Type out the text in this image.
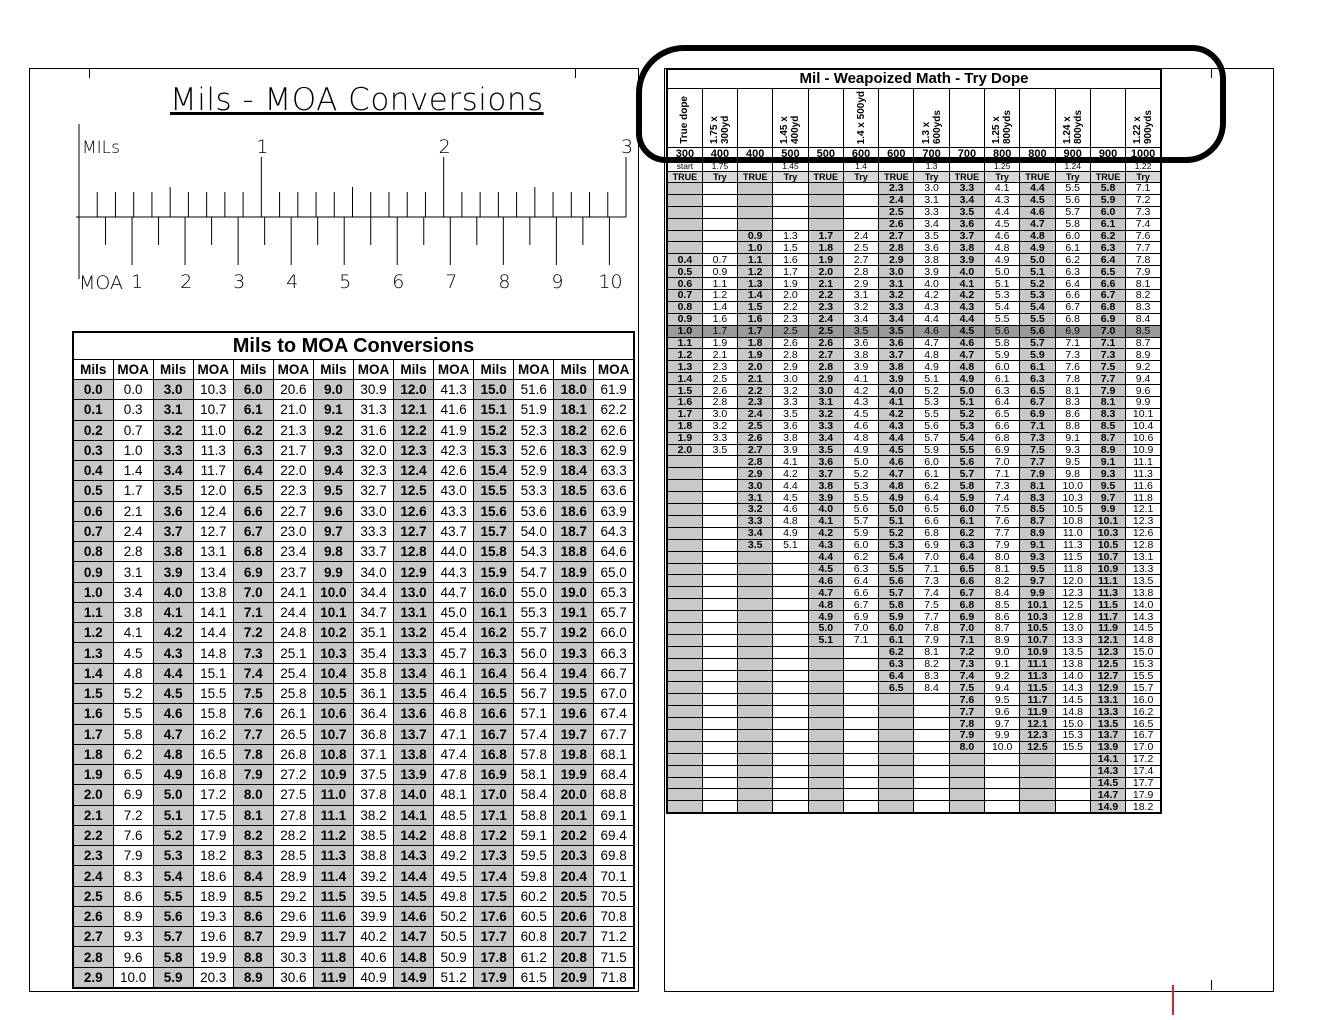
Mils - MOA Conversions
MILs
MOA
1	2	3
1 2 3 4 5 6 7 8 9 10
Mils to MOA Conversions													
Mils	MOA	Mils	MOA	Mils	MOA	Mils	MOA	Mils	MOA	Mils	MOA	Mils	MOA
0.0	0.0	3.0	10.3	6.0	20.6	9.0	30.9	12.0	41.3	15.0	51.6	18.0	61.9
0.1	0.3	3.1	10.7	6.1	21.0	9.1	31.3	12.1	41.6	15.1	51.9	18.1	62.2
0.2	0.7	3.2	11.0	6.2	21.3	9.2	31.6	12.2	41.9	15.2	52.3	18.2	62.6
0.3	1.0	3.3	11.3	6.3	21.7	9.3	32.0	12.3	42.3	15.3	52.6	18.3	62.9
0.4	1.4	3.4	11.7	6.4	22.0	9.4	32.3	12.4	42.6	15.4	52.9	18.4	63.3
0.5	1.7	3.5	12.0	6.5	22.3	9.5	32.7	12.5	43.0	15.5	53.3	18.5	63.6
0.6	2.1	3.6	12.4	6.6	22.7	9.6	33.0	12.6	43.3	15.6	53.6	18.6	63.9
0.7	2.4	3.7	12.7	6.7	23.0	9.7	33.3	12.7	43.7	15.7	54.0	18.7	64.3
0.8	2.8	3.8	13.1	6.8	23.4	9.8	33.7	12.8	44.0	15.8	54.3	18.8	64.6
0.9	3.1	3.9	13.4	6.9	23.7	9.9	34.0	12.9	44.3	15.9	54.7	18.9	65.0
1.0	3.4	4.0	13.8	7.0	24.1	10.0	34.4	13.0	44.7	16.0	55.0	19.0	65.3
1.1	3.8	4.1	14.1	7.1	24.4	10.1	34.7	13.1	45.0	16.1	55.3	19.1	65.7
1.2	4.1	4.2	14.4	7.2	24.8	10.2	35.1	13.2	45.4	16.2	55.7	19.2	66.0
1.3	4.5	4.3	14.8	7.3	25.1	10.3	35.4	13.3	45.7	16.3	56.0	19.3	66.3
1.4	4.8	4.4	15.1	7.4	25.4	10.4	35.8	13.4	46.1	16.4	56.4	19.4	66.7
1.5	5.2	4.5	15.5	7.5	25.8	10.5	36.1	13.5	46.4	16.5	56.7	19.5	67.0
1.6	5.5	4.6	15.8	7.6	26.1	10.6	36.4	13.6	46.8	16.6	57.1	19.6	67.4
1.7	5.8	4.7	16.2	7.7	26.5	10.7	36.8	13.7	47.1	16.7	57.4	19.7	67.7
1.8	6.2	4.8	16.5	7.8	26.8	10.8	37.1	13.8	47.4	16.8	57.8	19.8	68.1
1.9	6.5	4.9	16.8	7.9	27.2	10.9	37.5	13.9	47.8	16.9	58.1	19.9	68.4
2.0	6.9	5.0	17.2	8.0	27.5	11.0	37.8	14.0	48.1	17.0	58.4	20.0	68.8
2.1	7.2	5.1	17.5	8.1	27.8	11.1	38.2	14.1	48.5	17.1	58.8	20.1	69.1
2.2	7.6	5.2	17.9	8.2	28.2	11.2	38.5	14.2	48.8	17.2	59.1	20.2	69.4
2.3	7.9	5.3	18.2	8.3	28.5	11.3	38.8	14.3	49.2	17.3	59.5	20.3	69.8
2.4	8.3	5.4	18.6	8.4	28.9	11.4	39.2	14.4	49.5	17.4	59.8	20.4	70.1
2.5	8.6	5.5	18.9	8.5	29.2	11.5	39.5	14.5	49.8	17.5	60.2	20.5	70.5
2.6	8.9	5.6	19.3	8.6	29.6	11.6	39.9	14.6	50.2	17.6	60.5	20.6	70.8
2.7	9.3	5.7	19.6	8.7	29.9	11.7	40.2	14.7	50.5	17.7	60.8	20.7	71.2
2.8	9.6	5.8	19.9	8.8	30.3	11.8	40.6	14.8	50.9	17.8	61.2	20.8	71.5
2.9	10.0	5.9	20.3	8.9	30.6	11.9	40.9	14.9	51.2	17.9	61.5	20.9	71.8
Mil - Weapoized Math - Try Dope													
True dope	1.75 x 300yd		1.45 x 400yd		1.4 x 500yd		1.3 x 600yds		1.25 x 800yds		1.24 x 800yds		1.22 x 900yds
300	400	400	500	500	600	600	700	700	800	800	900	900	1000
start	1.75		1.45		1.4		1.3		1.25		1.24		1.22
TRUE	Try	TRUE	Try	TRUE	Try	TRUE	Try	TRUE	Try	TRUE	Try	TRUE	Try
						2.3	3.0	3.3	4.1	4.4	5.5	5.8	7.1
						2.4	3.1	3.4	4.3	4.5	5.6	5.9	7.2
						2.5	3.3	3.5	4.4	4.6	5.7	6.0	7.3
						2.6	3.4	3.6	4.5	4.7	5.8	6.1	7.4
		0.9	1.3	1.7	2.4	2.7	3.5	3.7	4.6	4.8	6.0	6.2	7.6
		1.0	1.5	1.8	2.5	2.8	3.6	3.8	4.8	4.9	6.1	6.3	7.7
0.4	0.7	1.1	1.6	1.9	2.7	2.9	3.8	3.9	4.9	5.0	6.2	6.4	7.8
0.5	0.9	1.2	1.7	2.0	2.8	3.0	3.9	4.0	5.0	5.1	6.3	6.5	7.9
0.6	1.1	1.3	1.9	2.1	2.9	3.1	4.0	4.1	5.1	5.2	6.4	6.6	8.1
0.7	1.2	1.4	2.0	2.2	3.1	3.2	4.2	4.2	5.3	5.3	6.6	6.7	8.2
0.8	1.4	1.5	2.2	2.3	3.2	3.3	4.3	4.3	5.4	5.4	6.7	6.8	8.3
0.9	1.6	1.6	2.3	2.4	3.4	3.4	4.4	4.4	5.5	5.5	6.8	6.9	8.4
1.0	1.7	1.7	2.5	2.5	3.5	3.5	4.6	4.5	5.6	5.6	6.9	7.0	8.5
1.1	1.9	1.8	2.6	2.6	3.6	3.6	4.7	4.6	5.8	5.7	7.1	7.1	8.7
1.2	2.1	1.9	2.8	2.7	3.8	3.7	4.8	4.7	5.9	5.9	7.3	7.3	8.9
1.3	2.3	2.0	2.9	2.8	3.9	3.8	4.9	4.8	6.0	6.1	7.6	7.5	9.2
1.4	2.5	2.1	3.0	2.9	4.1	3.9	5.1	4.9	6.1	6.3	7.8	7.7	9.4
1.5	2.6	2.2	3.2	3.0	4.2	4.0	5.2	5.0	6.3	6.5	8.1	7.9	9.6
1.6	2.8	2.3	3.3	3.1	4.3	4.1	5.3	5.1	6.4	6.7	8.3	8.1	9.9
1.7	3.0	2.4	3.5	3.2	4.5	4.2	5.5	5.2	6.5	6.9	8.6	8.3	10.1
1.8	3.2	2.5	3.6	3.3	4.6	4.3	5.6	5.3	6.6	7.1	8.8	8.5	10.4
1.9	3.3	2.6	3.8	3.4	4.8	4.4	5.7	5.4	6.8	7.3	9.1	8.7	10.6
2.0	3.5	2.7	3.9	3.5	4.9	4.5	5.9	5.5	6.9	7.5	9.3	8.9	10.9
		2.8	4.1	3.6	5.0	4.6	6.0	5.6	7.0	7.7	9.5	9.1	11.1
		2.9	4.2	3.7	5.2	4.7	6.1	5.7	7.1	7.9	9.8	9.3	11.3
		3.0	4.4	3.8	5.3	4.8	6.2	5.8	7.3	8.1	10.0	9.5	11.6
		3.1	4.5	3.9	5.5	4.9	6.4	5.9	7.4	8.3	10.3	9.7	11.8
		3.2	4.6	4.0	5.6	5.0	6.5	6.0	7.5	8.5	10.5	9.9	12.1
		3.3	4.8	4.1	5.7	5.1	6.6	6.1	7.6	8.7	10.8	10.1	12.3
		3.4	4.9	4.2	5.9	5.2	6.8	6.2	7.7	8.9	11.0	10.3	12.6
		3.5	5.1	4.3	6.0	5.3	6.9	6.3	7.9	9.1	11.3	10.5	12.8
				4.4	6.2	5.4	7.0	6.4	8.0	9.3	11.5	10.7	13.1
				4.5	6.3	5.5	7.1	6.5	8.1	9.5	11.8	10.9	13.3
				4.6	6.4	5.6	7.3	6.6	8.2	9.7	12.0	11.1	13.5
				4.7	6.6	5.7	7.4	6.7	8.4	9.9	12.3	11.3	13.8
				4.8	6.7	5.8	7.5	6.8	8.5	10.1	12.5	11.5	14.0
				4.9	6.9	5.9	7.7	6.9	8.6	10.3	12.8	11.7	14.3
				5.0	7.0	6.0	7.8	7.0	8.7	10.5	13.0	11.9	14.5
				5.1	7.1	6.1	7.9	7.1	8.9	10.7	13.3	12.1	14.8
						6.2	8.1	7.2	9.0	10.9	13.5	12.3	15.0
						6.3	8.2	7.3	9.1	11.1	13.8	12.5	15.3
						6.4	8.3	7.4	9.2	11.3	14.0	12.7	15.5
						6.5	8.4	7.5	9.4	11.5	14.3	12.9	15.7
								7.6	9.5	11.7	14.5	13.1	16.0
								7.7	9.6	11.9	14.8	13.3	16.2
								7.8	9.7	12.1	15.0	13.5	16.5
								7.9	9.9	12.3	15.3	13.7	16.7
								8.0	10.0	12.5	15.5	13.9	17.0
												14.1	17.2
												14.3	17.4
												14.5	17.7
												14.7	17.9
												14.9	18.2
